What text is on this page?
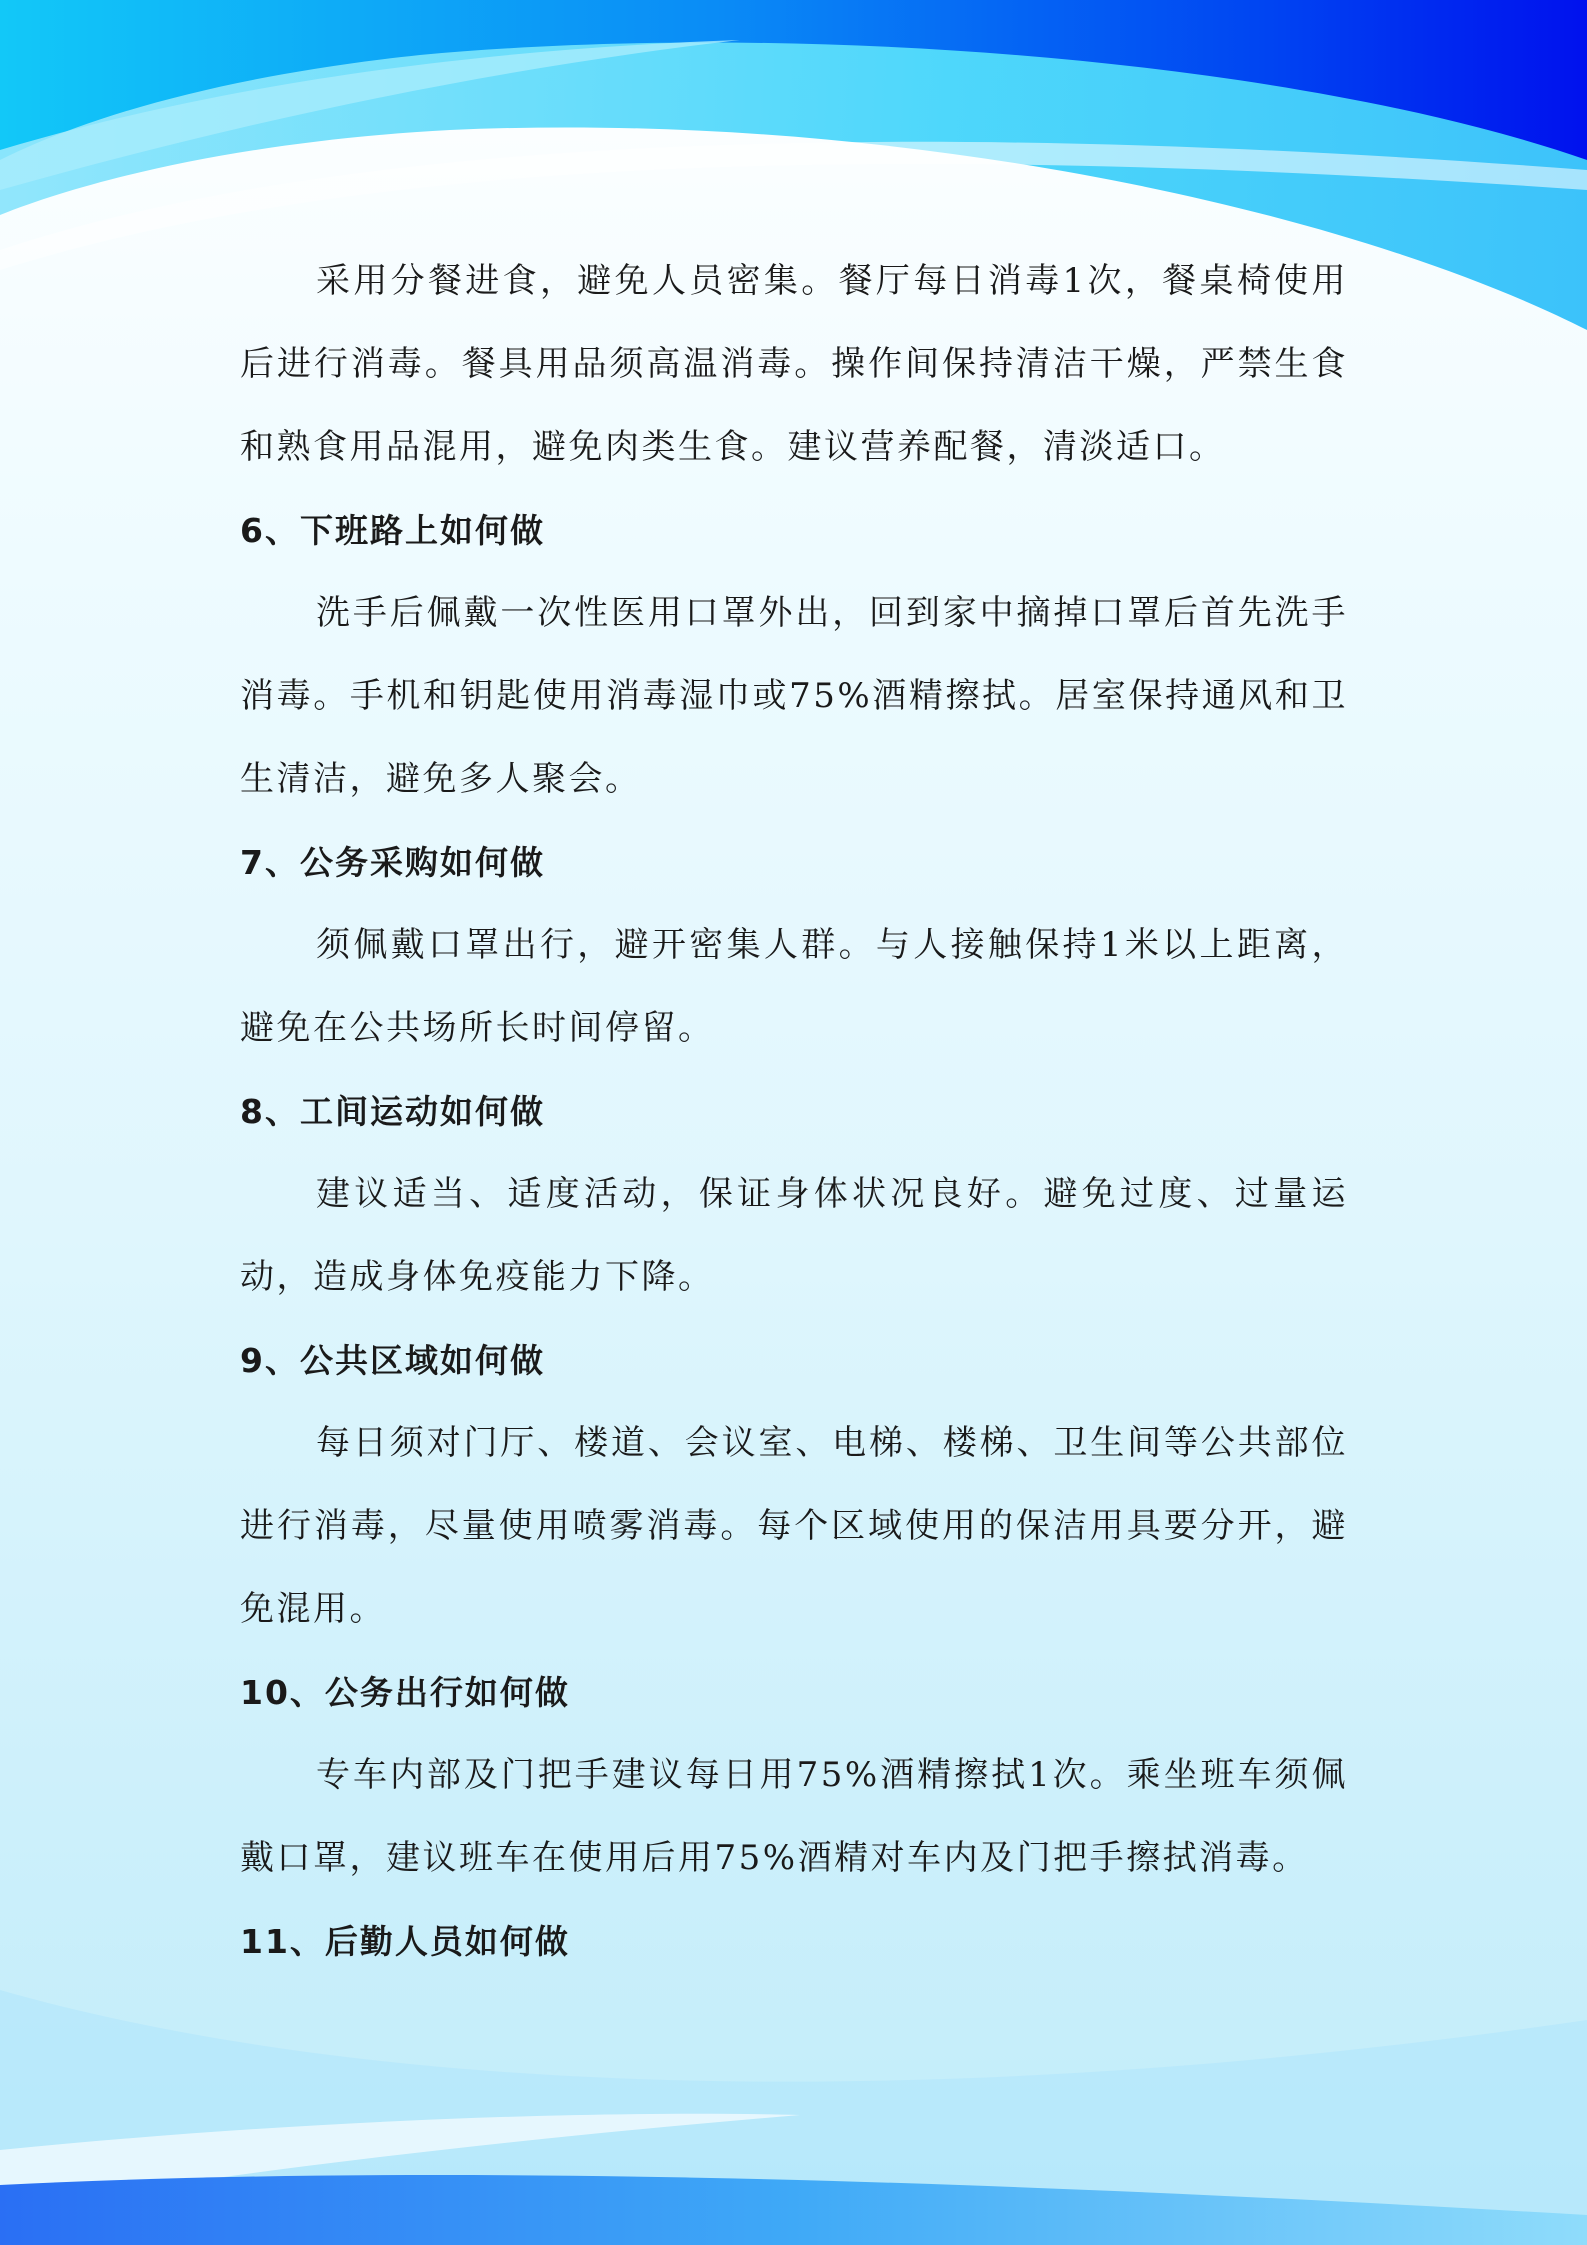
采用分餐进食，避免人员密集。餐厅每日消毒1次，餐桌椅使用后进行消毒。餐具用品须高温消毒。操作间保持清洁干燥，严禁生食和熟食用品混用，避免肉类生食。建议营养配餐，清淡适口。

6、下班路上如何做

洗手后佩戴一次性医用口罩外出，回到家中摘掉口罩后首先洗手消毒。手机和钥匙使用消毒湿巾或75%酒精擦拭。居室保持通风和卫生清洁，避免多人聚会。

7、公务采购如何做

须佩戴口罩出行，避开密集人群。与人接触保持1米以上距离，避免在公共场所长时间停留。

8、工间运动如何做

建议适当、适度活动，保证身体状况良好。避免过度、过量运动，造成身体免疫能力下降。

9、公共区域如何做

每日须对门厅、楼道、会议室、电梯、楼梯、卫生间等公共部位进行消毒，尽量使用喷雾消毒。每个区域使用的保洁用具要分开，避免混用。

10、公务出行如何做

专车内部及门把手建议每日用75%酒精擦拭1次。乘坐班车须佩戴口罩，建议班车在使用后用75%酒精对车内及门把手擦拭消毒。

11、后勤人员如何做
